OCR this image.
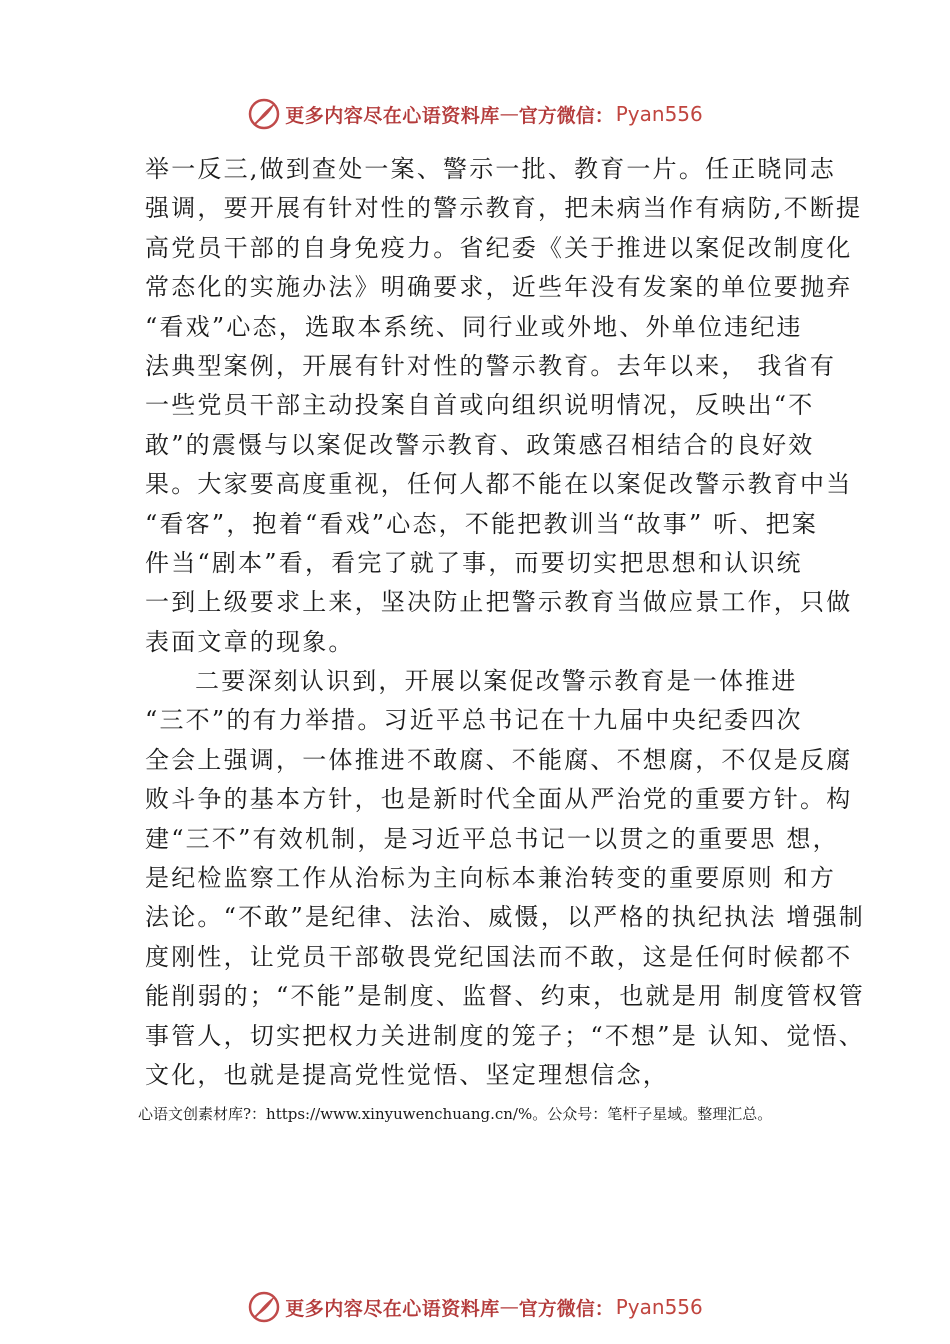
更多内容尽在心语资料库 — 官方微信： Pyan556
举一反三,做到查处一案、警示一批、教育一片。任正晓同志
强调，要开展有针对性的警示教育，把未病当作有病防,不断提
高党员干部的自身免疫力。省纪委《关于推进以案促改制度化
常态化的实施办法》明确要求，近些年没有发案的单位要抛弃
“看戏”心态，选取本系统、同行业或外地、外单位违纪违
法典型案例，开展有针对性的警示教育。去年以来， 我省有
一些党员干部主动投案自首或向组织说明情况，反映出“不
敢”的震慑与以案促改警示教育、政策感召相结合的良好效
果。大家要高度重视，任何人都不能在以案促改警示教育中当
“看客”，抱着“看戏”心态，不能把教训当“故事” 听、把案
件当“剧本”看，看完了就了事，而要切实把思想和认识统
一到上级要求上来，坚决防止把警示教育当做应景工作，只做
表面文章的现象。
二要深刻认识到，开展以案促改警示教育是一体推进
“三不”的有力举措。习近平总书记在十九届中央纪委四次
全会上强调，一体推进不敢腐、不能腐、不想腐，不仅是反腐
败斗争的基本方针，也是新时代全面从严治党的重要方针。构
建“三不”有效机制，是习近平总书记一以贯之的重要思 想，
是纪检监察工作从治标为主向标本兼治转变的重要原则 和方
法论。“不敢”是纪律、法治、威慑，以严格的执纪执法 增强制
度刚性，让党员干部敬畏党纪国法而不敢，这是任何时候都不
能削弱的；“不能”是制度、监督、约束，也就是用 制度管权管
事管人，切实把权力关进制度的笼子；“不想”是 认知、觉悟、
文化，也就是提高党性觉悟、坚定理想信念，
心语文创素材库?：https://www.xinyuwenchuang.cn/%。公众号：笔杆子星域。整理汇总。
更多内容尽在心语资料库 — 官方微信： Pyan556
